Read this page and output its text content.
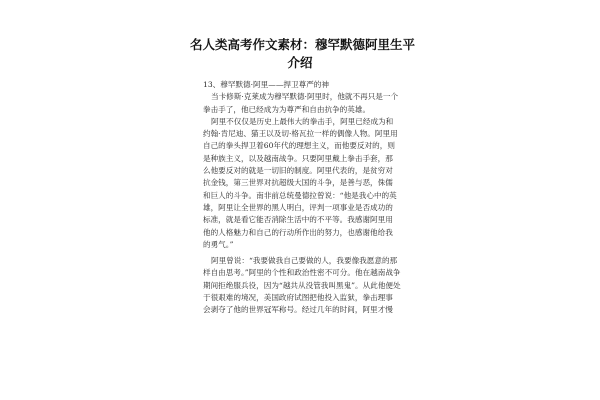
名人类高考作文素材：穆罕默德阿里生平
介绍
13、穆罕默德·阿里——捍卫尊严的神
当卡修斯·克莱成为穆罕默德·阿里时，他就不再只是一个
拳击手了，他已经成为为尊严和自由抗争的英雄。
阿里不仅仅是历史上最伟大的拳击手，阿里已经成为和
约翰·肯尼迪、猫王以及切·格瓦拉一样的偶像人物。阿里用
自己的拳头捍卫着60年代的理想主义，而他要反对的，则
是种族主义，以及越南战争。只要阿里戴上拳击手套，那
么他要反对的就是一切旧的制度。阿里代表的，是贫穷对
抗金钱，第三世界对抗超级大国的斗争，是善与恶，侏儒
和巨人的斗争。南非前总统曼德拉曾说：“他是我心中的英
雄，阿里让全世界的黑人明白，评判一项事业是否成功的
标准，就是看它能否消除生活中的不平等。我感谢阿里用
他的人格魅力和自己的行动所作出的努力，也感谢他给我
的勇气。”
阿里曾说：“我要做我自己要做的人，我要像我愿意的那
样自由思考。”阿里的个性和政治性密不可分。他在越南战争
期间拒绝服兵役，因为“越共从没管我叫黑鬼”。从此他便处
于很艰难的境况，美国政府试图把他投入监狱，拳击理事
会剥夺了他的世界冠军称号。经过几年的时间，阿里才慢
